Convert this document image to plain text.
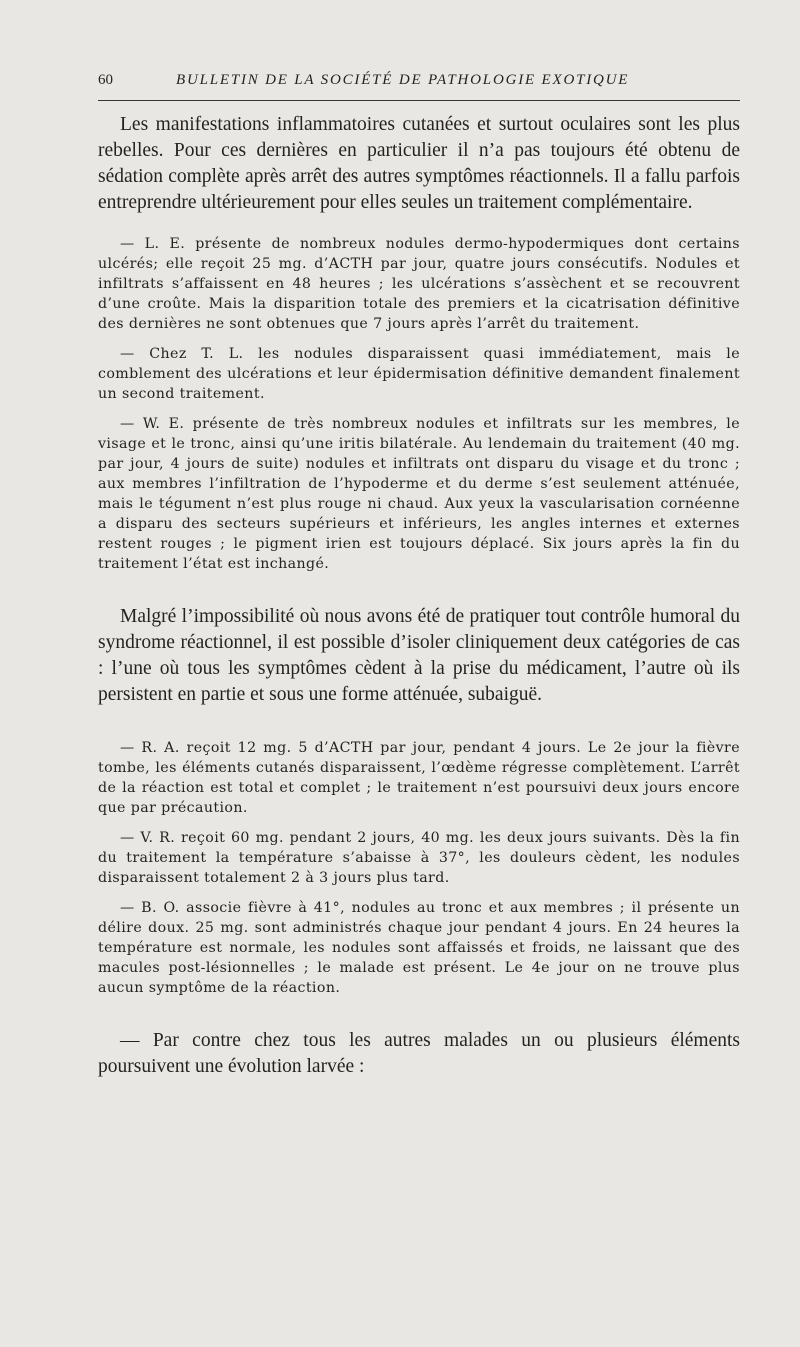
60	BULLETIN DE LA SOCIÉTÉ DE PATHOLOGIE EXOTIQUE

Les manifestations inflammatoires cutanées et surtout oculaires sont les plus rebelles. Pour ces dernières en particulier il n’a pas toujours été obtenu de sédation complète après arrêt des autres symptômes réactionnels. Il a fallu parfois entreprendre ultérieurement pour elles seules un traitement complémentaire.

— L. E. présente de nombreux nodules dermo-hypodermiques dont certains ulcérés; elle reçoit 25 mg. d’ACTH par jour, quatre jours consécutifs. Nodules et infiltrats s’affaissent en 48 heures ; les ulcérations s’assèchent et se recouvrent d’une croûte. Mais la disparition totale des premiers et la cicatrisation définitive des dernières ne sont obtenues que 7 jours après l’arrêt du traitement.

— Chez T. L. les nodules disparaissent quasi immédiatement, mais le comblement des ulcérations et leur épidermisation définitive demandent finalement un second traitement.

— W. E. présente de très nombreux nodules et infiltrats sur les membres, le visage et le tronc, ainsi qu’une iritis bilatérale. Au lendemain du traitement (40 mg. par jour, 4 jours de suite) nodules et infiltrats ont disparu du visage et du tronc ; aux membres l’infiltration de l’hypoderme et du derme s’est seulement atténuée, mais le tégument n’est plus rouge ni chaud. Aux yeux la vascularisation cornéenne a disparu des secteurs supérieurs et inférieurs, les angles internes et externes restent rouges ; le pigment irien est toujours déplacé. Six jours après la fin du traitement l’état est inchangé.

Malgré l’impossibilité où nous avons été de pratiquer tout contrôle humoral du syndrome réactionnel, il est possible d’isoler cliniquement deux catégories de cas : l’une où tous les symptômes cèdent à la prise du médicament, l’autre où ils persistent en partie et sous une forme atténuée, subaiguë.

— R. A. reçoit 12 mg. 5 d’ACTH par jour, pendant 4 jours. Le 2e jour la fièvre tombe, les éléments cutanés disparaissent, l’œdème régresse complètement. L’arrêt de la réaction est total et complet ; le traitement n’est poursuivi deux jours encore que par précaution.

— V. R. reçoit 60 mg. pendant 2 jours, 40 mg. les deux jours suivants. Dès la fin du traitement la température s’abaisse à 37°, les douleurs cèdent, les nodules disparaissent totalement 2 à 3 jours plus tard.

— B. O. associe fièvre à 41°, nodules au tronc et aux membres ; il présente un délire doux. 25 mg. sont administrés chaque jour pendant 4 jours. En 24 heures la température est normale, les nodules sont affaissés et froids, ne laissant que des macules post-lésionnelles ; le malade est présent. Le 4e jour on ne trouve plus aucun symptôme de la réaction.

— Par contre chez tous les autres malades un ou plusieurs éléments poursuivent une évolution larvée :
